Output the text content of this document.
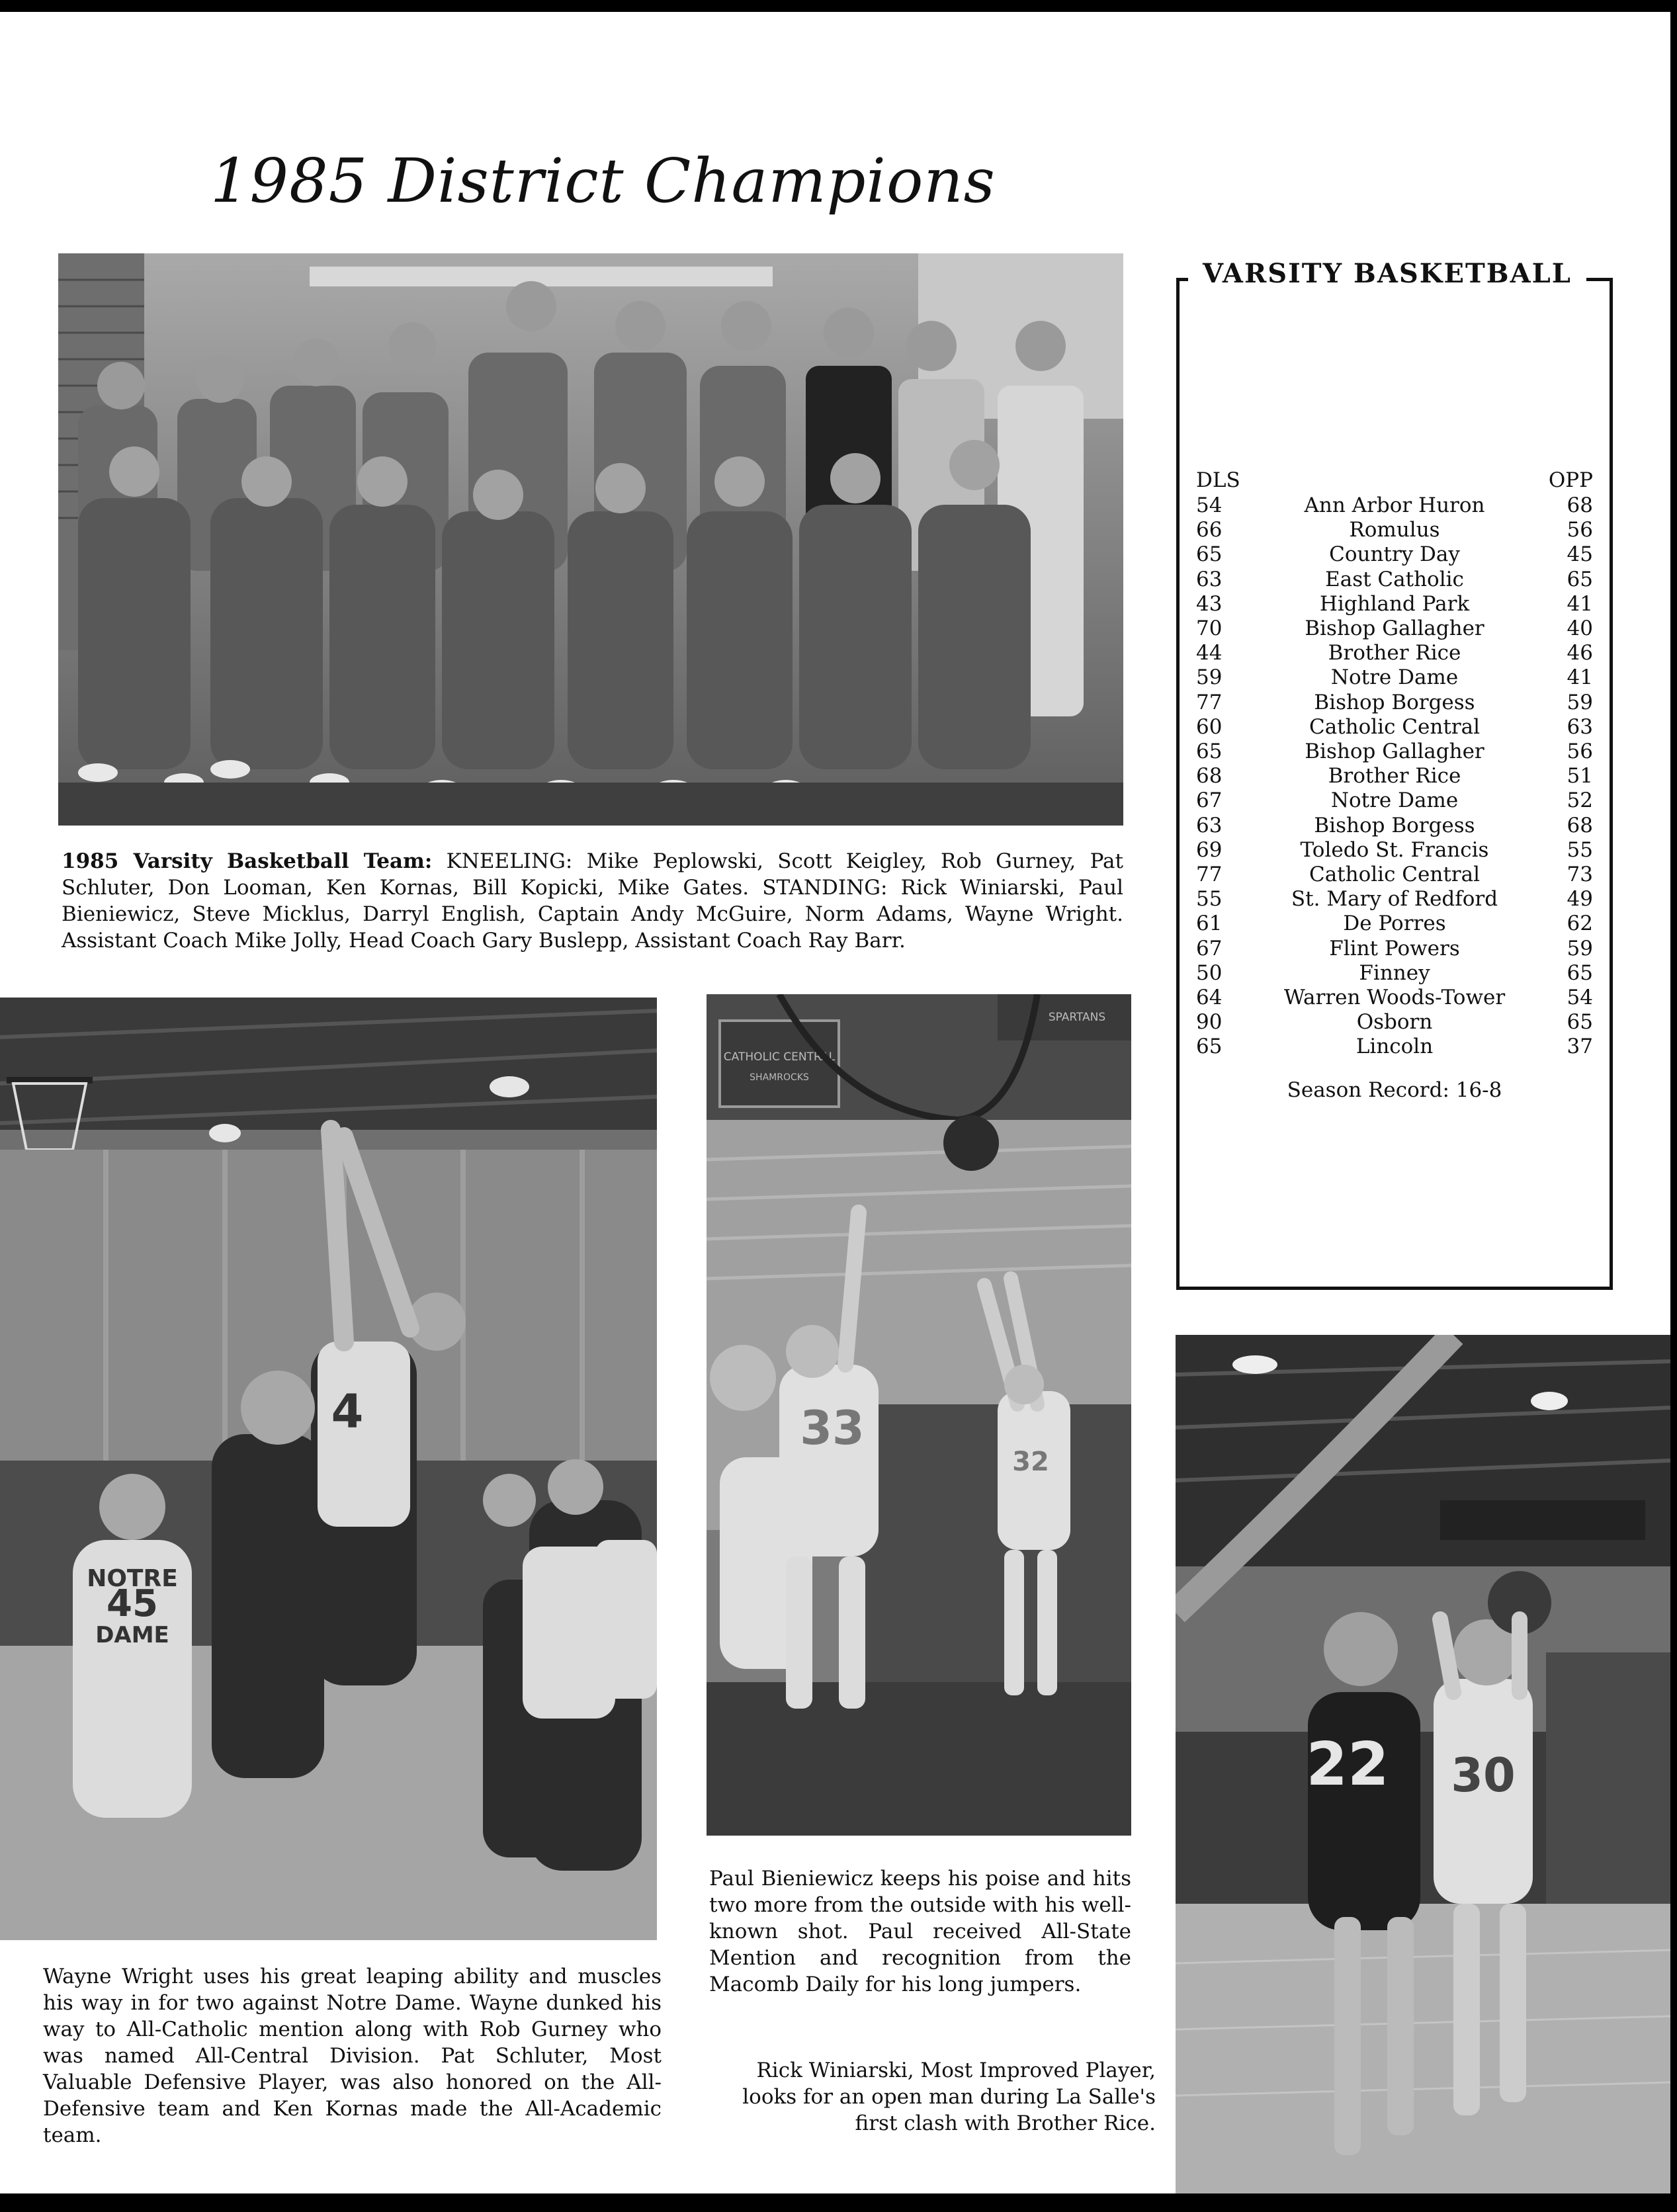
1985 District Champions

1985 Varsity Basketball Team: KNEELING: Mike Peplowski, Scott Keigley, Rob Gurney, Pat Schluter, Don Looman, Ken Kornas, Bill Kopicki, Mike Gates. STANDING: Rick Winiarski, Paul Bieniewicz, Steve Micklus, Darryl English, Captain Andy McGuire, Norm Adams, Wayne Wright. Assistant Coach Mike Jolly, Head Coach Gary Buslepp, Assistant Coach Ray Barr.

NOTRE
45
DAME
4

Wayne Wright uses his great leaping ability and muscles his way in for two against Notre Dame. Wayne dunked his way to All-Catholic mention along with Rob Gurney who was named All-Central Division. Pat Schluter, Most Valuable Defensive Player, was also honored on the All-Defensive team and Ken Kornas made the All-Academic team.

CATHOLIC CENTRAL
SHAMROCKS
SPARTANS
33
32

Paul Bieniewicz keeps his poise and hits two more from the outside with his well-known shot. Paul received All-State Mention and recognition from the Macomb Daily for his long jumpers.

22 30

Rick Winiarski, Most Improved Player, looks for an open man during La Salle's first clash with Brother Rice.

VARSITY BASKETBALL
DLS	OPP
54	Ann Arbor Huron	68
66	Romulus	56
65	Country Day	45
63	East Catholic	65
43	Highland Park	41
70	Bishop Gallagher	40
44	Brother Rice	46
59	Notre Dame	41
77	Bishop Borgess	59
60	Catholic Central	63
65	Bishop Gallagher	56
68	Brother Rice	51
67	Notre Dame	52
63	Bishop Borgess	68
69	Toledo St. Francis	55
77	Catholic Central	73
55	St. Mary of Redford	49
61	De Porres	62
67	Flint Powers	59
50	Finney	65
64	Warren Woods-Tower	54
90	Osborn	65
65	Lincoln	37

Season Record: 16-8
